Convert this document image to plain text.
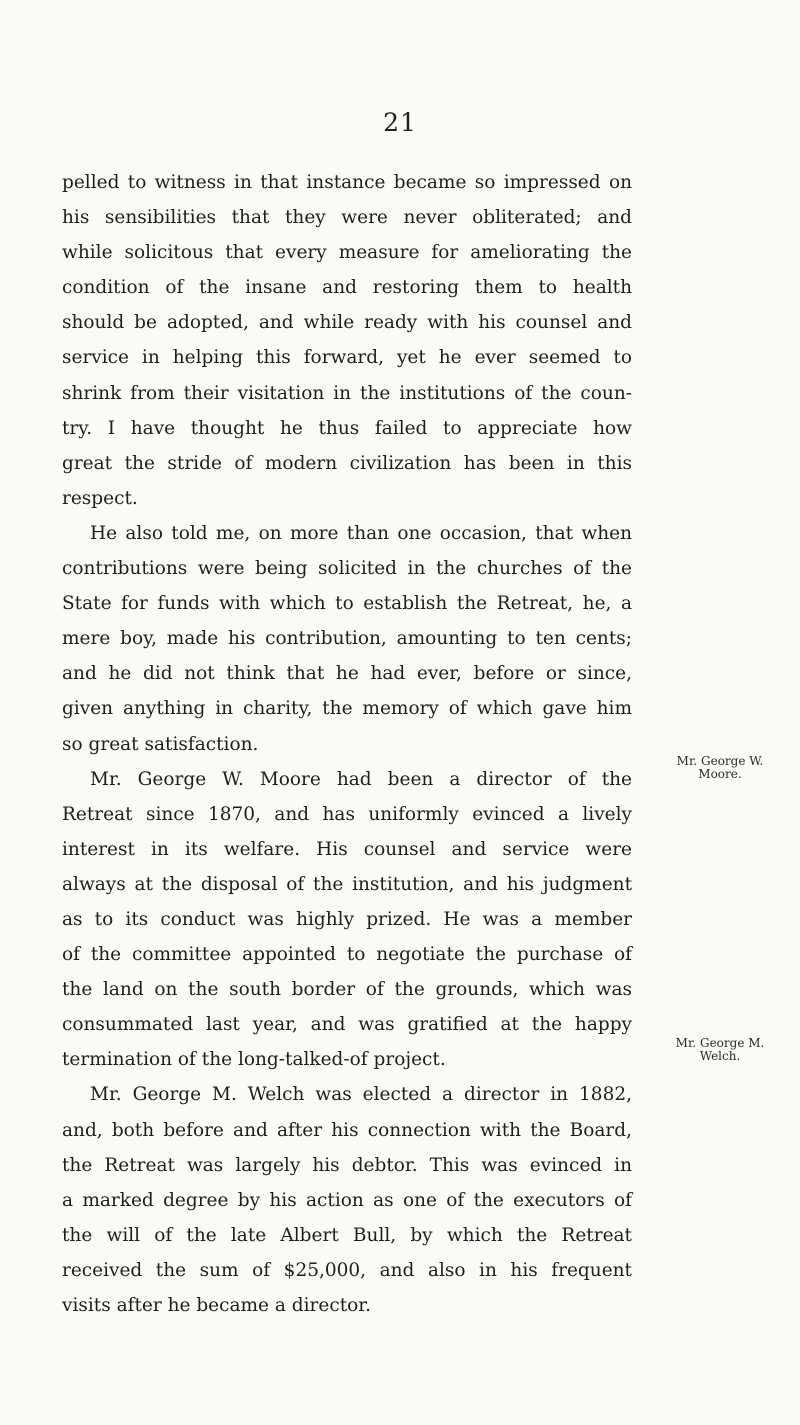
21
pelled to witness in that instance became so impressed on
his sensibilities that they were never obliterated; and
while solicitous that every measure for ameliorating the
condition of the insane and restoring them to health
should be adopted, and while ready with his counsel and
service in helping this forward, yet he ever seemed to
shrink from their visitation in the institutions of the coun-
try. I have thought he thus failed to appreciate how
great the stride of modern civilization has been in this
respect.
He also told me, on more than one occasion, that when
contributions were being solicited in the churches of the
State for funds with which to establish the Retreat, he, a
mere boy, made his contribution, amounting to ten cents;
and he did not think that he had ever, before or since,
given anything in charity, the memory of which gave him
so great satisfaction.
Mr. George W. Moore had been a director of the
Retreat since 1870, and has uniformly evinced a lively
interest in its welfare. His counsel and service were
always at the disposal of the institution, and his judgment
as to its conduct was highly prized. He was a member
of the committee appointed to negotiate the purchase of
the land on the south border of the grounds, which was
consummated last year, and was gratified at the happy
termination of the long-talked-of project.
Mr. George M. Welch was elected a director in 1882,
and, both before and after his connection with the Board,
the Retreat was largely his debtor. This was evinced in
a marked degree by his action as one of the executors of
the will of the late Albert Bull, by which the Retreat
received the sum of $25,000, and also in his frequent
visits after he became a director.
Mr. George W.
Moore.
Mr. George M.
Welch.
